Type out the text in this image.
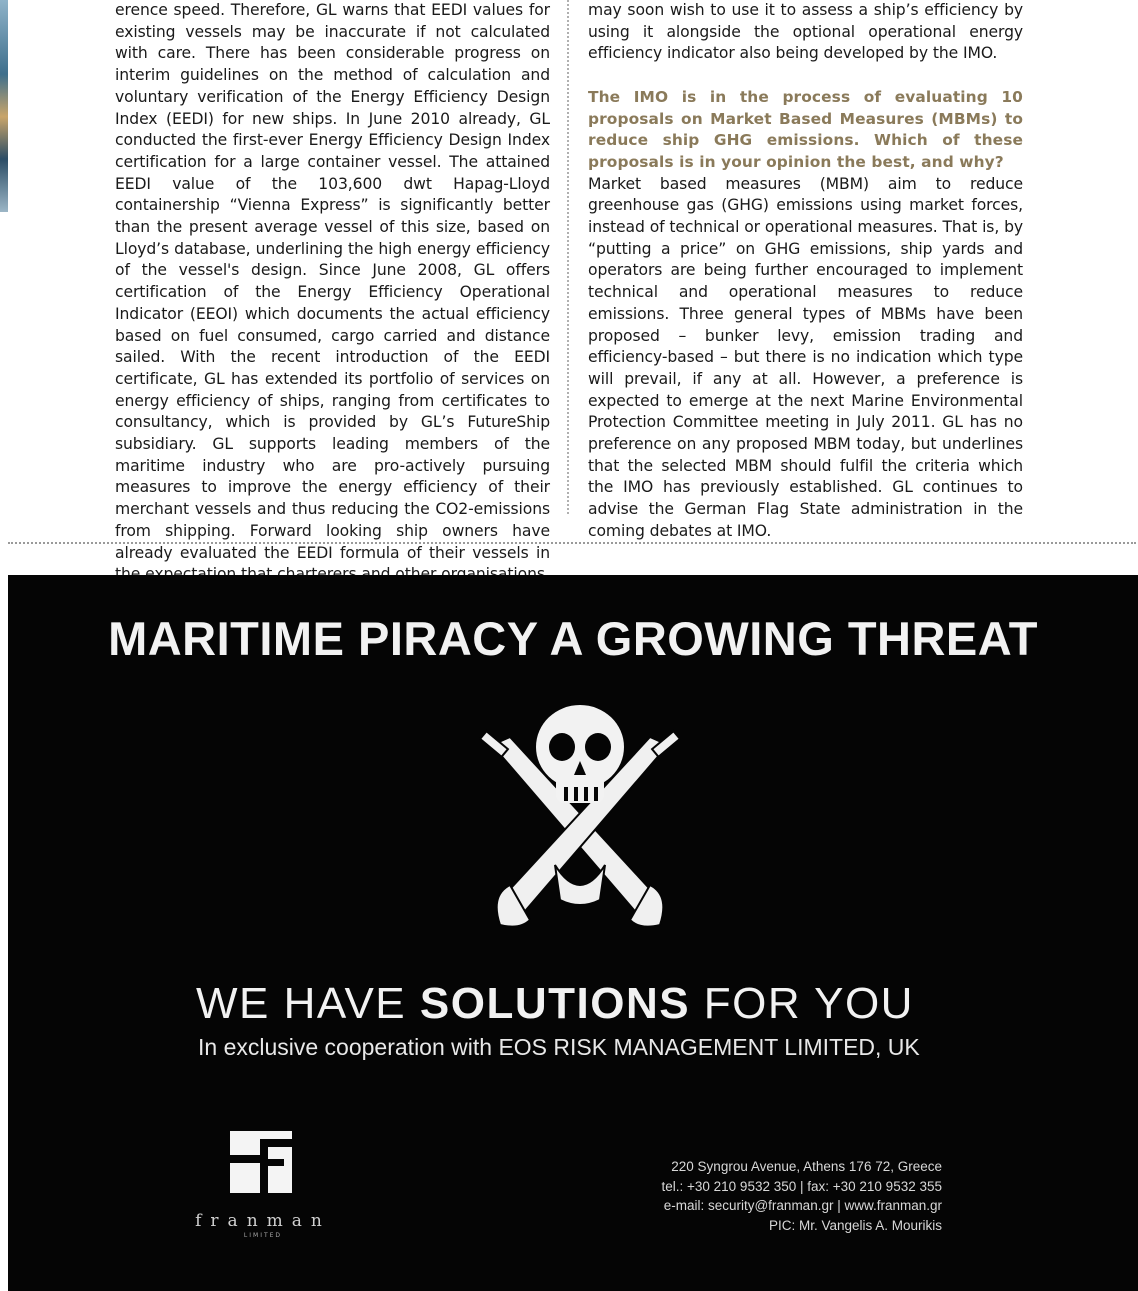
erence speed. Therefore, GL warns that EEDI values for existing vessels may be inaccurate if not calculated with care. There has been considerable progress on interim guidelines on the method of calculation and voluntary verification of the Energy Efficiency Design Index (EEDI) for new ships. In June 2010 already, GL conducted the first-ever Energy Efficiency Design Index certification for a large container vessel. The attained EEDI value of the 103,600 dwt Hapag-Lloyd containership “Vienna Express” is significantly better than the present average vessel of this size, based on Lloyd’s database, underlining the high energy efficiency of the vessel's design. Since June 2008, GL offers certification of the Energy Efficiency Operational Indicator (EEOI) which documents the actual efficiency based on fuel consumed, cargo carried and distance sailed. With the recent introduction of the EEDI certificate, GL has extended its portfolio of services on energy efficiency of ships, ranging from certificates to consultancy, which is provided by GL’s FutureShip subsidiary. GL supports leading members of the maritime industry who are pro-actively pursuing measures to improve the energy efficiency of their merchant vessels and thus reducing the CO2-emissions from shipping. Forward looking ship owners have already evaluated the EEDI formula of their vessels in

may soon wish to use it to assess a ship’s efficiency by using it alongside the optional operational energy efficiency indicator also being developed by the IMO.

The IMO is in the process of evaluating 10 proposals on Market Based Measures (MBMs) to reduce ship GHG emissions. Which of these proposals is in your opinion the best, and why?

Market based measures (MBM) aim to reduce greenhouse gas (GHG) emissions using market forces, instead of technical or operational measures. That is, by “putting a price” on GHG emissions, ship yards and operators are being further encouraged to implement technical and operational measures to reduce emissions. Three general types of MBMs have been proposed – bunker levy, emission trading and efficiency-based – but there is no indication which type will prevail, if any at all. However, a preference is expected to emerge at the next Marine Environmental Protection Committee meeting in July 2011. GL has no preference on any proposed MBM today, but underlines that the selected MBM should fulfil the criteria which the IMO has previously established. GL continues to advise the German Flag State administration in the coming debates at IMO.

MARITIME PIRACY A GROWING THREAT
WE HAVE SOLUTIONS FOR YOU
In exclusive cooperation with EOS RISK MANAGEMENT LIMITED, UK
franman
LIMITED
220 Syngrou Avenue, Athens 176 72, Greece
tel.: +30 210 9532 350 | fax: +30 210 9532 355
e-mail: security@franman.gr | www.franman.gr
PIC: Mr. Vangelis A. Mourikis
